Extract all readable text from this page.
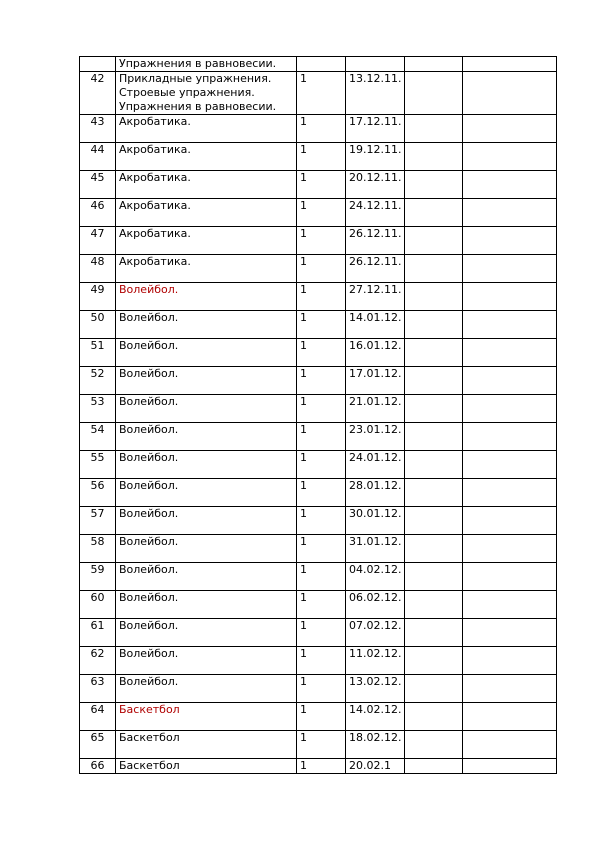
	Упражнения в равновесии.				
42	Прикладные упражнения. Строевые упражнения. Упражнения в равновесии.	1	13.12.11.		
43	Акробатика.	1	17.12.11.		
44	Акробатика.	1	19.12.11.		
45	Акробатика.	1	20.12.11.		
46	Акробатика.	1	24.12.11.		
47	Акробатика.	1	26.12.11.		
48	Акробатика.	1	26.12.11.		
49	Волейбол.	1	27.12.11.		
50	Волейбол.	1	14.01.12.		
51	Волейбол.	1	16.01.12.		
52	Волейбол.	1	17.01.12.		
53	Волейбол.	1	21.01.12.		
54	Волейбол.	1	23.01.12.		
55	Волейбол.	1	24.01.12.		
56	Волейбол.	1	28.01.12.		
57	Волейбол.	1	30.01.12.		
58	Волейбол.	1	31.01.12.		
59	Волейбол.	1	04.02.12.		
60	Волейбол.	1	06.02.12.		
61	Волейбол.	1	07.02.12.		
62	Волейбол.	1	11.02.12.		
63	Волейбол.	1	13.02.12.		
64	Баскетбол	1	14.02.12.		
65	Баскетбол	1	18.02.12.		
66	Баскетбол	1	20.02.1		
